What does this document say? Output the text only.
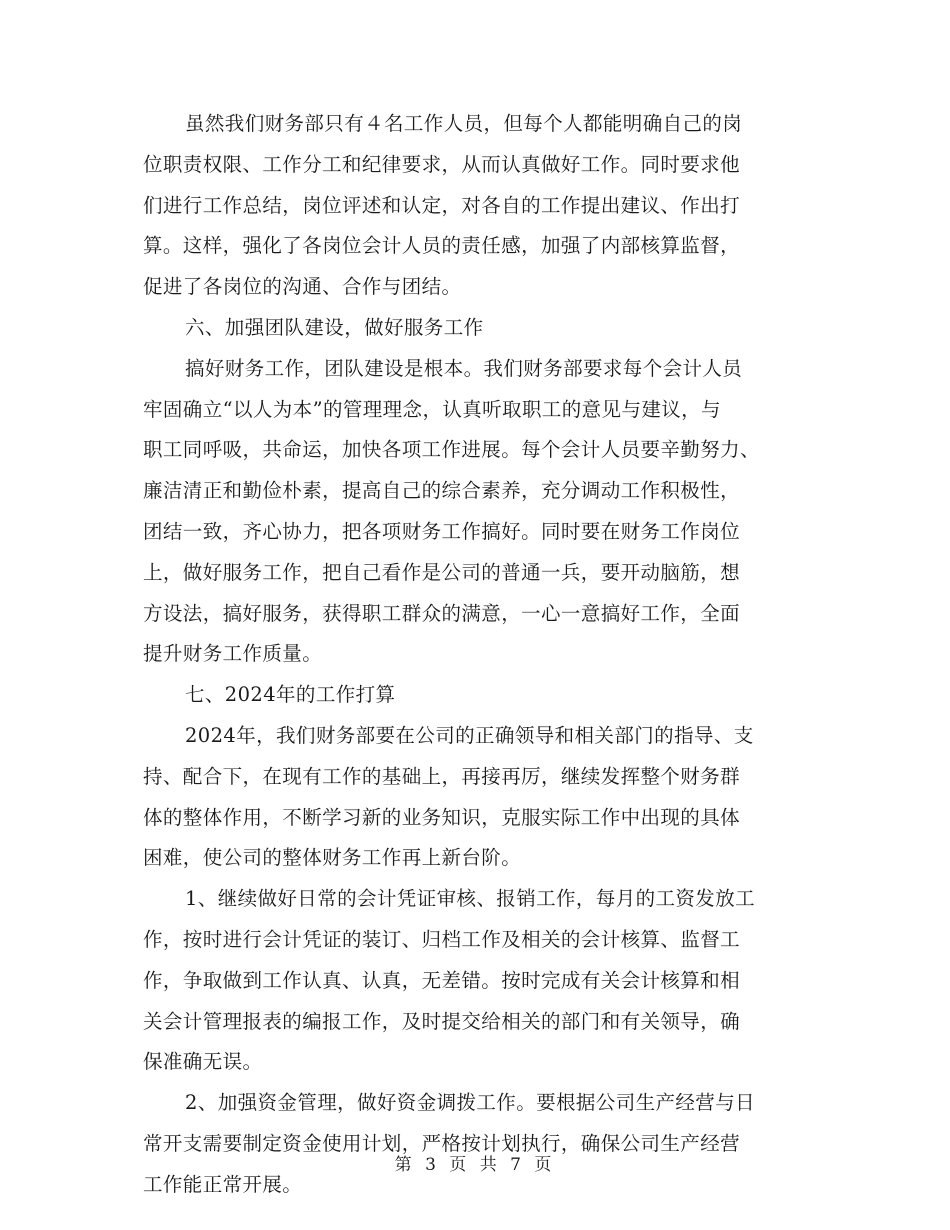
虽然我们财务部只有４名工作人员，但每个人都能明确自己的岗
位职责权限、工作分工和纪律要求，从而认真做好工作。同时要求他
们进行工作总结，岗位评述和认定，对各自的工作提出建议、作出打
算。这样，强化了各岗位会计人员的责任感，加强了内部核算监督，
促进了各岗位的沟通、合作与团结。
六、加强团队建设，做好服务工作
搞好财务工作，团队建设是根本。我们财务部要求每个会计人员
牢固确立“以人为本”的管理理念，认真听取职工的意见与建议，与
职工同呼吸，共命运，加快各项工作进展。每个会计人员要辛勤努力、
廉洁清正和勤俭朴素，提高自己的综合素养，充分调动工作积极性，
团结一致，齐心协力，把各项财务工作搞好。同时要在财务工作岗位
上，做好服务工作，把自己看作是公司的普通一兵，要开动脑筋，想
方设法，搞好服务，获得职工群众的满意，一心一意搞好工作，全面
提升财务工作质量。
七、2024年的工作打算
2024年，我们财务部要在公司的正确领导和相关部门的指导、支
持、配合下，在现有工作的基础上，再接再厉，继续发挥整个财务群
体的整体作用，不断学习新的业务知识，克服实际工作中出现的具体
困难，使公司的整体财务工作再上新台阶。
1、继续做好日常的会计凭证审核、报销工作，每月的工资发放工
作，按时进行会计凭证的装订、归档工作及相关的会计核算、监督工
作，争取做到工作认真、认真，无差错。按时完成有关会计核算和相
关会计管理报表的编报工作，及时提交给相关的部门和有关领导，确
保准确无误。
2、加强资金管理，做好资金调拨工作。要根据公司生产经营与日
常开支需要制定资金使用计划，严格按计划执行，确保公司生产经营
工作能正常开展。
第 3 页 共 7 页
